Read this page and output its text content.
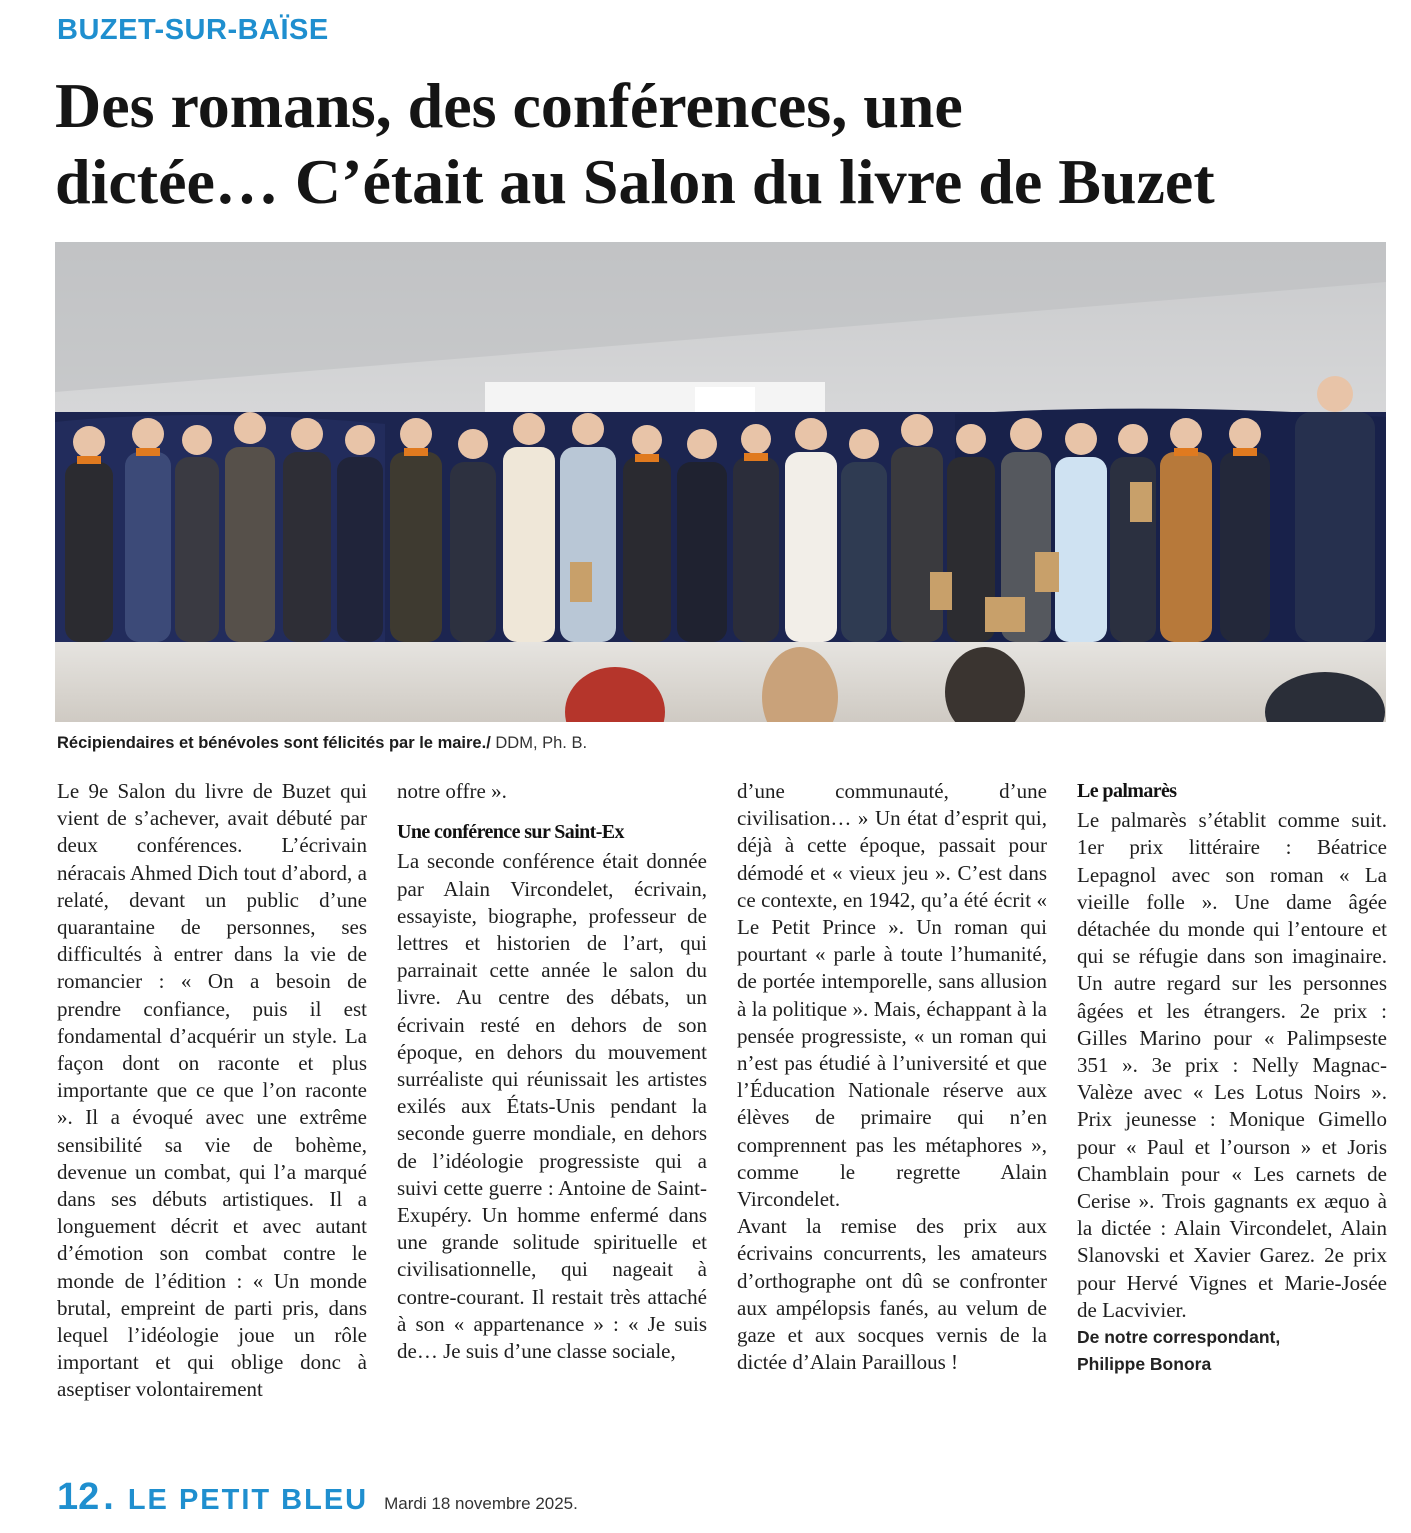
BUZET-SUR-BAÏSE
Des romans, des conférences, une
dictée… C’était au Salon du livre de Buzet
Récipiendaires et bénévoles sont félicités par le maire./ DDM, Ph. B.

Le 9e Salon du livre de Buzet qui vient de s’achever, avait débuté par deux conférences. L’écrivain néracais Ahmed Dich tout d’abord, a relaté, devant un public d’une quarantaine de personnes, ses difficultés à entrer dans la vie de romancier : « On a besoin de prendre confiance, puis il est fondamental d’acquérir un style. La façon dont on raconte et plus importante que ce que l’on raconte ». Il a évoqué avec une extrême sensibilité sa vie de bohème, devenue un combat, qui l’a marqué dans ses débuts artistiques. Il a longuement décrit et avec autant d’émotion son combat contre le monde de l’édition : « Un monde brutal, empreint de parti pris, dans lequel l’idéologie joue un rôle important et qui oblige donc à aseptiser volontairement

notre offre ».

Une conférence sur Saint-Ex

La seconde conférence était donnée par Alain Vircondelet, écrivain, essayiste, biographe, professeur de lettres et historien de l’art, qui parrainait cette année le salon du livre. Au centre des débats, un écrivain resté en dehors de son époque, en dehors du mouvement surréaliste qui réunissait les artistes exilés aux États-Unis pendant la seconde guerre mondiale, en dehors de l’idéologie progressiste qui a suivi cette guerre : Antoine de Saint-Exupéry. Un homme enfermé dans une grande solitude spirituelle et civilisationnelle, qui nageait à contre-courant. Il restait très attaché à son « appartenance » : « Je suis de… Je suis d’une classe sociale,

d’une communauté, d’une civilisation… » Un état d’esprit qui, déjà à cette époque, passait pour démodé et « vieux jeu ». C’est dans ce contexte, en 1942, qu’a été écrit « Le Petit Prince ». Un roman qui pourtant « parle à toute l’humanité, de portée intemporelle, sans allusion à la politique ». Mais, échappant à la pensée progressiste, « un roman qui n’est pas étudié à l’université et que l’Éducation Nationale réserve aux élèves de primaire qui n’en comprennent pas les métaphores », comme le regrette Alain Vircondelet.

Avant la remise des prix aux écrivains concurrents, les amateurs d’orthographe ont dû se confronter aux ampélopsis fanés, au velum de gaze et aux socques vernis de la dictée d’Alain Paraillous !

Le palmarès

Le palmarès s’établit comme suit. 1er prix littéraire : Béatrice Lepagnol avec son roman « La vieille folle ». Une dame âgée détachée du monde qui l’entoure et qui se réfugie dans son imaginaire. Un autre regard sur les personnes âgées et les étrangers. 2e prix : Gilles Marino pour « Palimpseste 351 ». 3e prix : Nelly Magnac-Valèze avec « Les Lotus Noirs ». Prix jeunesse : Monique Gimello pour « Paul et l’ourson » et Joris Chamblain pour « Les carnets de Cerise ». Trois gagnants ex æquo à la dictée : Alain Vircondelet, Alain Slanovski et Xavier Garez. 2e prix pour Hervé Vignes et Marie-Josée de Lacvivier.

De notre correspondant,
Philippe Bonora
12 . LE PETIT BLEU Mardi 18 novembre 2025.
